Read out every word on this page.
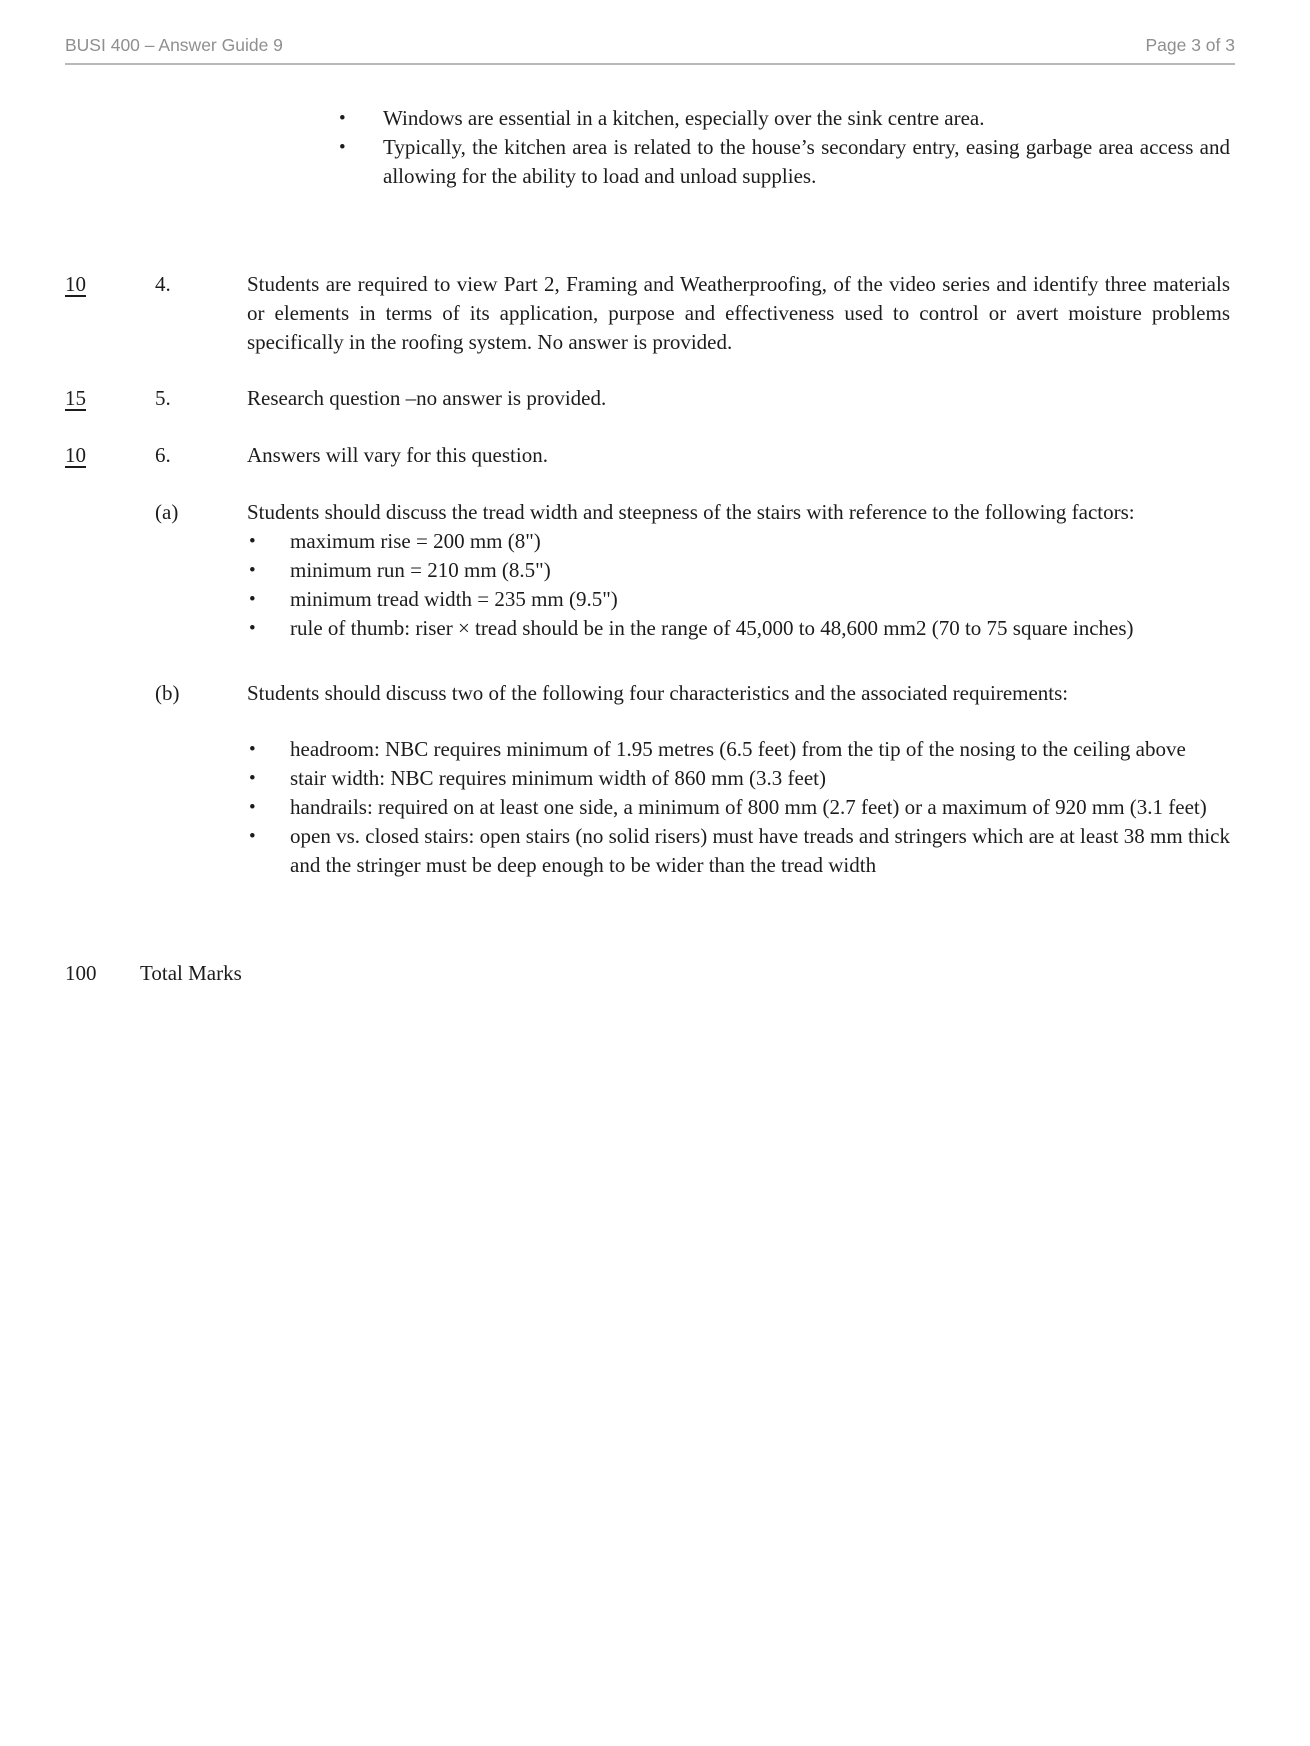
BUSI 400 – Answer Guide 9	Page 3 of 3
• Windows are essential in a kitchen, especially over the sink centre area.
• Typically, the kitchen area is related to the house’s secondary entry, easing garbage area access and allowing for the ability to load and unload supplies.
10	4.	Students are required to view Part 2, Framing and Weatherproofing, of the video series and identify three materials or elements in terms of its application, purpose and effectiveness used to control or avert moisture problems specifically in the roofing system. No answer is provided.
15	5.	Research question –no answer is provided.
10	6.	Answers will vary for this question.
(a)	Students should discuss the tread width and steepness of the stairs with reference to the following factors:
• maximum rise = 200 mm (8")
• minimum run = 210 mm (8.5")
• minimum tread width = 235 mm (9.5")
• rule of thumb: riser × tread should be in the range of 45,000 to 48,600 mm2 (70 to 75 square inches)
(b)	Students should discuss two of the following four characteristics and the associated requirements:
• headroom: NBC requires minimum of 1.95 metres (6.5 feet) from the tip of the nosing to the ceiling above
• stair width: NBC requires minimum width of 860 mm (3.3 feet)
• handrails: required on at least one side, a minimum of 800 mm (2.7 feet) or a maximum of 920 mm (3.1 feet)
• open vs. closed stairs: open stairs (no solid risers) must have treads and stringers which are at least 38 mm thick and the stringer must be deep enough to be wider than the tread width
100	Total Marks
